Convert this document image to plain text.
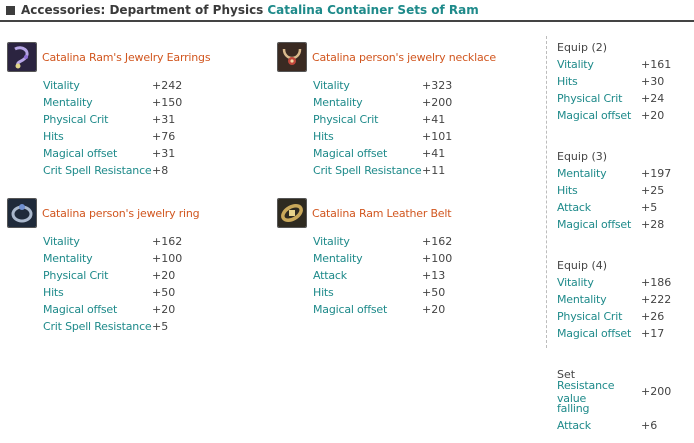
Accessories: Department of Physics Catalina Container Sets of Ram
Catalina Ram's Jewelry Earrings
Vitality	+242
Mentality	+150
Physical Crit	+31
Hits	+76
Magical offset	+31
Crit Spell Resistance +8
Catalina person's jewelry necklace
Vitality	+323
Mentality	+200
Physical Crit	+41
Hits	+101
Magical offset	+41
Crit Spell Resistance +11
Catalina person's jewelry ring
Vitality	+162
Mentality	+100
Physical Crit	+20
Hits	+50
Magical offset	+20
Crit Spell Resistance +5
Catalina Ram Leather Belt
Vitality	+162
Mentality	+100
Attack	+13
Hits	+50
Magical offset	+20
Equip (2)
Vitality	+161
Hits	+30
Physical Crit	+24
Magical offset +20
Equip (3)
Mentality	+197
Hits	+25
Attack	+5
Magical offset +28
Equip (4)
Vitality	+186
Mentality	+222
Physical Crit	+26
Magical offset +17
Set
Resistance value	+200
falling
Attack	+6
